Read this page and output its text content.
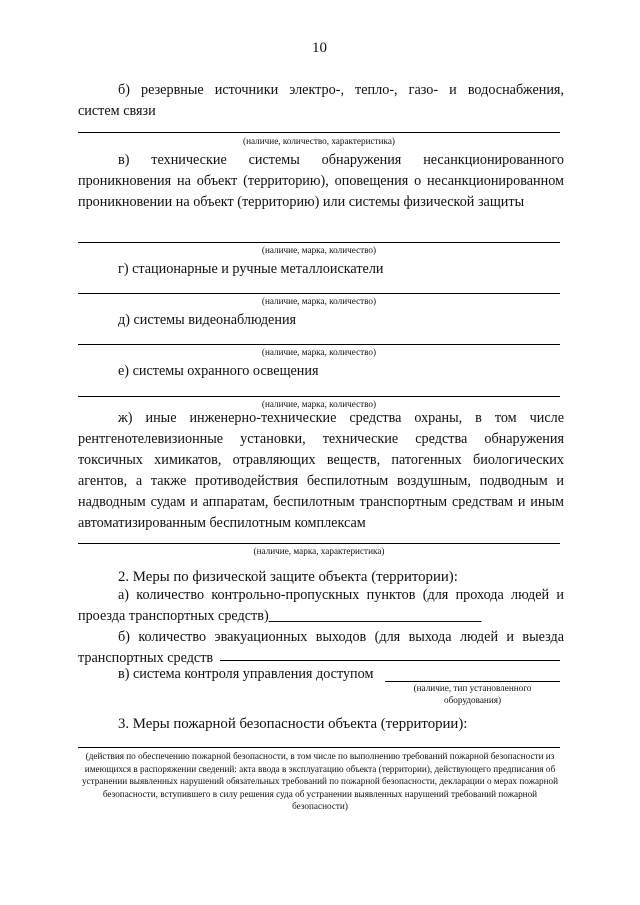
10
б) резервные источники электро-, тепло-, газо- и водоснабжения,
систем связи
(наличие, количество, характеристика)
в) технические системы обнаружения несанкционированного проникновения на объект (территорию), оповещения о несанкционированном проникновении на объект (территорию) или системы физической защиты
(наличие, марка, количество)
г) стационарные и ручные металлоискатели
(наличие, марка, количество)
д) системы видеонаблюдения
(наличие, марка, количество)
е) системы охранного освещения
(наличие, марка, количество)
ж) иные инженерно-технические средства охраны, в том числе рентгенотелевизионные установки, технические средства обнаружения токсичных химикатов, отравляющих веществ, патогенных биологических агентов, а также противодействия беспилотным воздушным, подводным и надводным судам и аппаратам, беспилотным транспортным средствам и иным автоматизированным беспилотным комплексам
(наличие, марка, характеристика)
2. Меры по физической защите объекта (территории):
а) количество контрольно-пропускных пунктов (для прохода людей и проезда транспортных средств)
б) количество эвакуационных выходов (для выхода людей и выезда транспортных средств
в) система контроля управления доступом
(наличие, тип установленного
оборудования)
3. Меры пожарной безопасности объекта (территории):
(действия по обеспечению пожарной безопасности, в том числе по выполнению требований пожарной безопасности из имеющихся в распоряжении сведений: акта ввода в эксплуатацию объекта (территории), действующего предписания об устранении выявленных нарушений обязательных требований по пожарной безопасности, декларации о мерах пожарной безопасности, вступившего в силу решения суда об устранении выявленных нарушений требований пожарной безопасности)
